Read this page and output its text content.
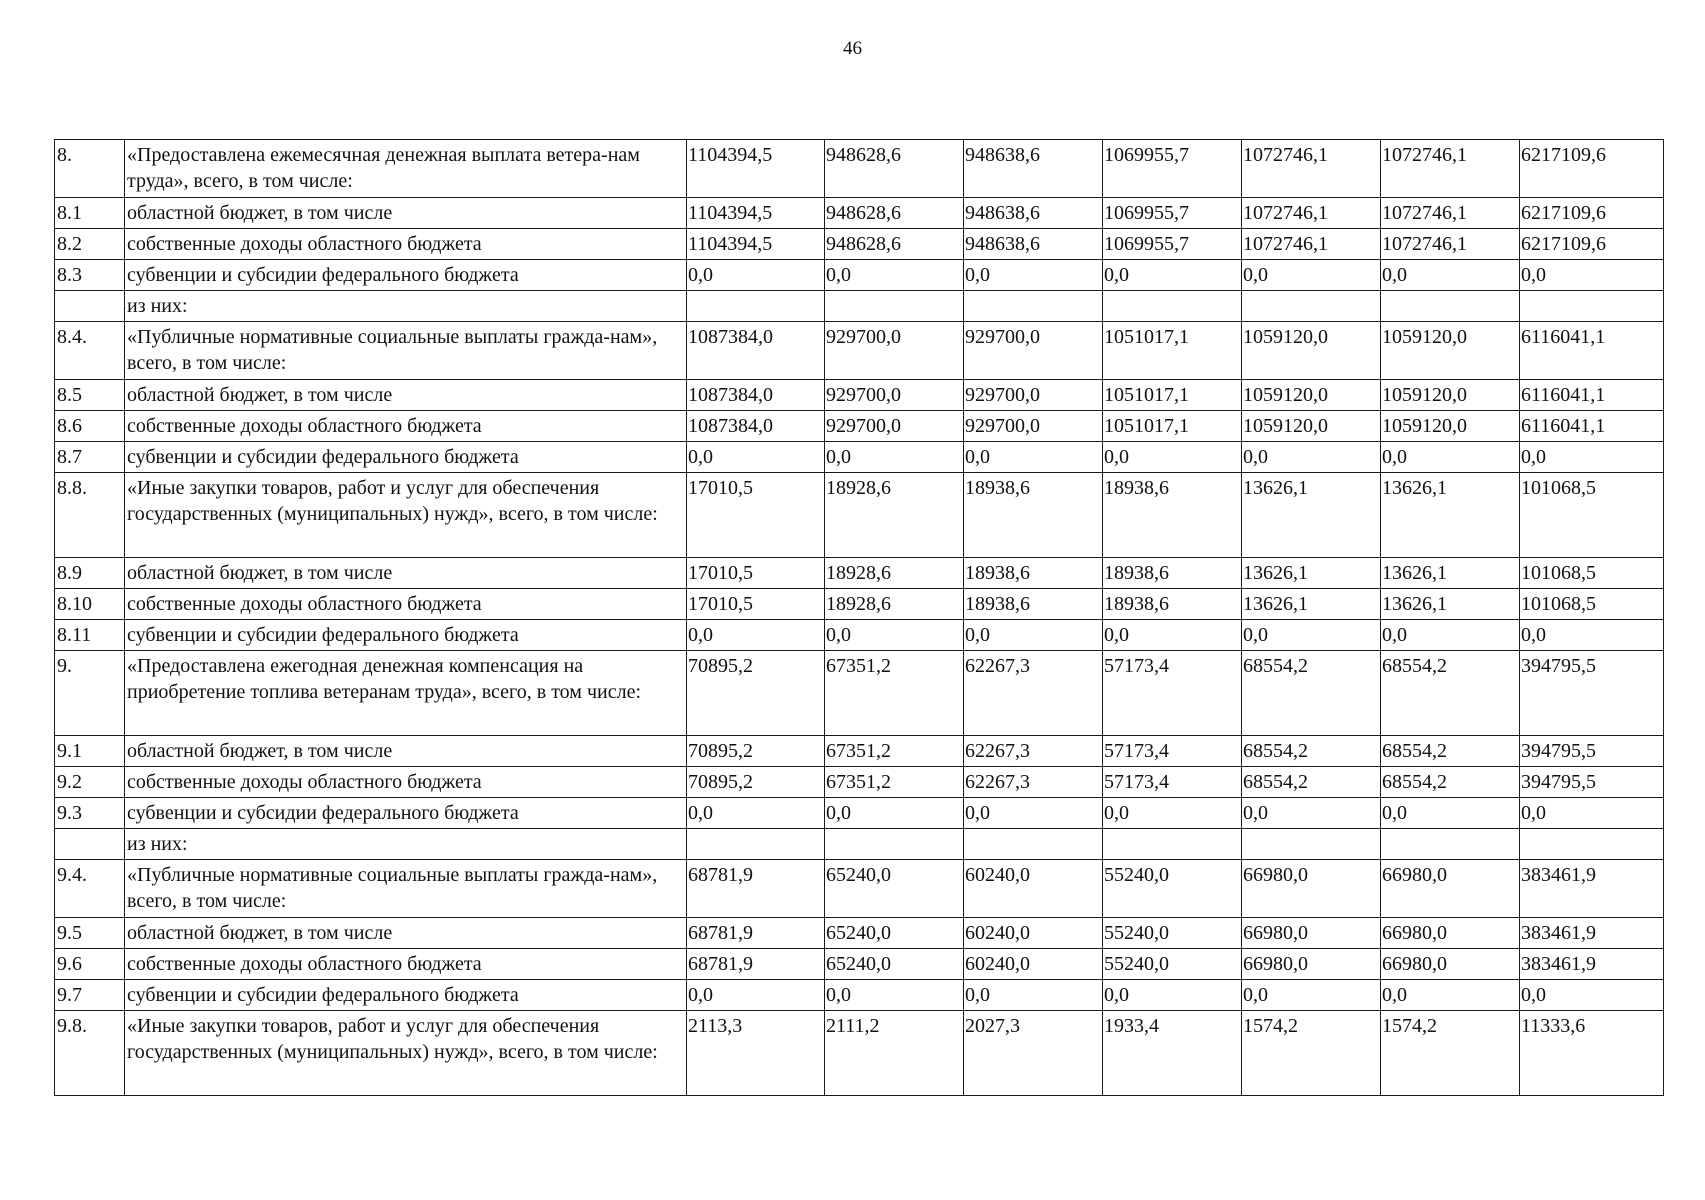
46
8.	«Предоставлена ежемесячная денежная выплата ветера-нам труда», всего, в том числе:	1104394,5	948628,6	948638,6	1069955,7	1072746,1	1072746,1	6217109,6
8.1	областной бюджет, в том числе	1104394,5	948628,6	948638,6	1069955,7	1072746,1	1072746,1	6217109,6
8.2	собственные доходы областного бюджета	1104394,5	948628,6	948638,6	1069955,7	1072746,1	1072746,1	6217109,6
8.3	субвенции и субсидии федерального бюджета	0,0	0,0	0,0	0,0	0,0	0,0	0,0
	из них:							
8.4.	«Публичные нормативные социальные выплаты гражда-нам», всего, в том числе:	1087384,0	929700,0	929700,0	1051017,1	1059120,0	1059120,0	6116041,1
8.5	областной бюджет, в том числе	1087384,0	929700,0	929700,0	1051017,1	1059120,0	1059120,0	6116041,1
8.6	собственные доходы областного бюджета	1087384,0	929700,0	929700,0	1051017,1	1059120,0	1059120,0	6116041,1
8.7	субвенции и субсидии федерального бюджета	0,0	0,0	0,0	0,0	0,0	0,0	0,0
8.8.	«Иные закупки товаров, работ и услуг для обеспечения государственных (муниципальных) нужд», всего, в том числе:	17010,5	18928,6	18938,6	18938,6	13626,1	13626,1	101068,5
8.9	областной бюджет, в том числе	17010,5	18928,6	18938,6	18938,6	13626,1	13626,1	101068,5
8.10	собственные доходы областного бюджета	17010,5	18928,6	18938,6	18938,6	13626,1	13626,1	101068,5
8.11	субвенции и субсидии федерального бюджета	0,0	0,0	0,0	0,0	0,0	0,0	0,0
9.	«Предоставлена ежегодная денежная компенсация на приобретение топлива ветеранам труда», всего, в том числе:	70895,2	67351,2	62267,3	57173,4	68554,2	68554,2	394795,5
9.1	областной бюджет, в том числе	70895,2	67351,2	62267,3	57173,4	68554,2	68554,2	394795,5
9.2	собственные доходы областного бюджета	70895,2	67351,2	62267,3	57173,4	68554,2	68554,2	394795,5
9.3	субвенции и субсидии федерального бюджета	0,0	0,0	0,0	0,0	0,0	0,0	0,0
	из них:							
9.4.	«Публичные нормативные социальные выплаты гражда-нам», всего, в том числе:	68781,9	65240,0	60240,0	55240,0	66980,0	66980,0	383461,9
9.5	областной бюджет, в том числе	68781,9	65240,0	60240,0	55240,0	66980,0	66980,0	383461,9
9.6	собственные доходы областного бюджета	68781,9	65240,0	60240,0	55240,0	66980,0	66980,0	383461,9
9.7	субвенции и субсидии федерального бюджета	0,0	0,0	0,0	0,0	0,0	0,0	0,0
9.8.	«Иные закупки товаров, работ и услуг для обеспечения государственных (муниципальных) нужд», всего, в том числе:	2113,3	2111,2	2027,3	1933,4	1574,2	1574,2	11333,6
